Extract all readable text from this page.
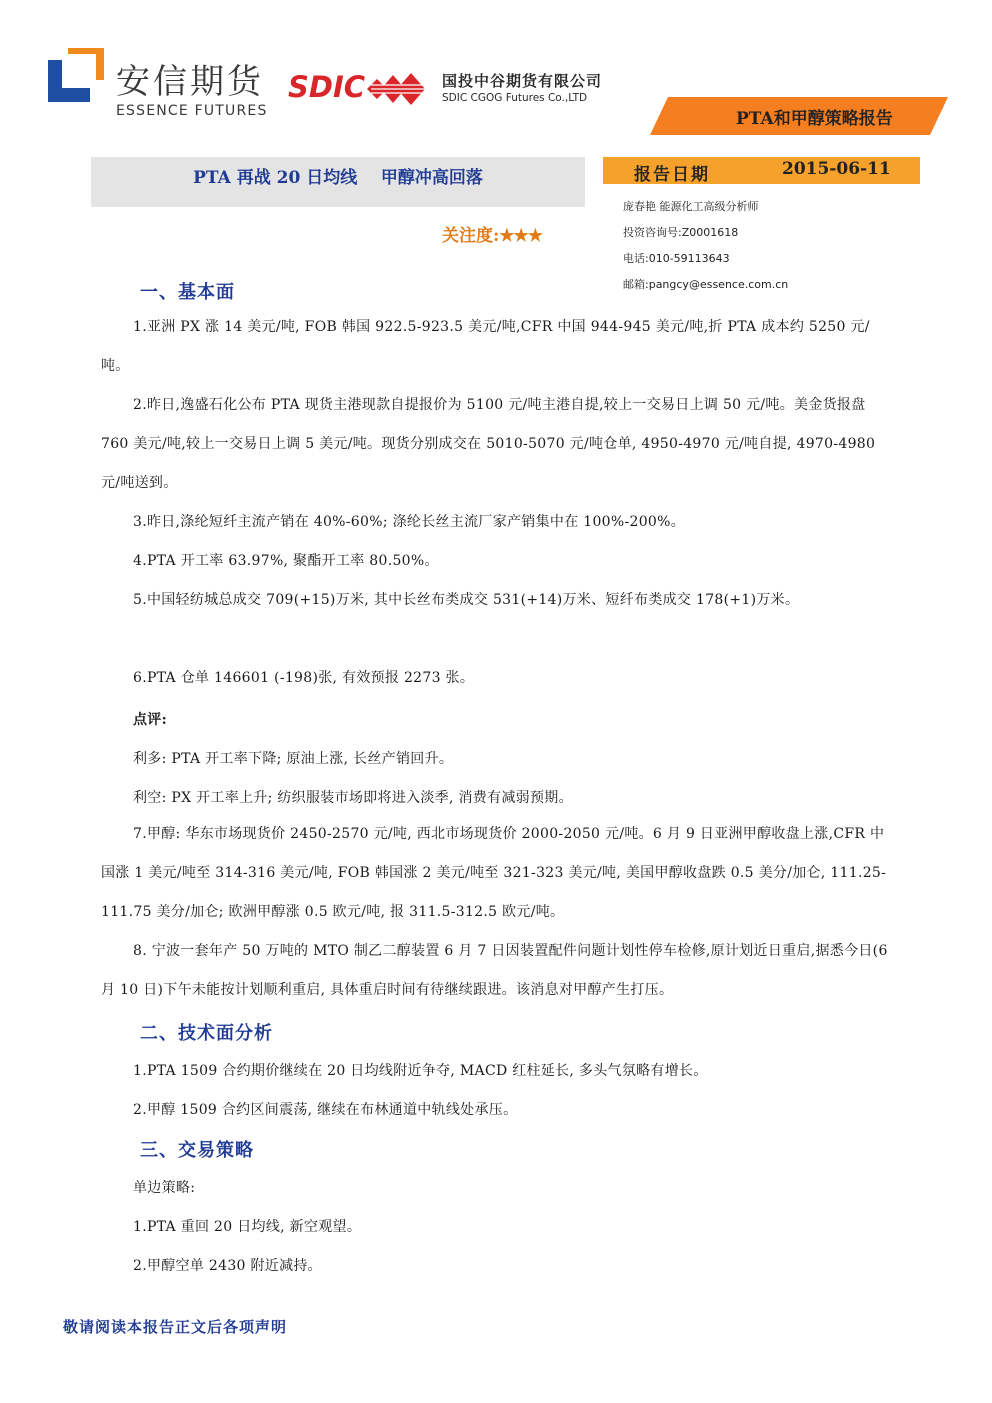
安信期货
ESSENCE FUTURES
SDIC	国投中谷期货有限公司
SDIC CGOG Futures Co.,LTD
PTA和甲醇策略报告
PTA 再战 20 日均线    甲醇冲高回落	报告日期	2015-06-11
关注度:★★★
庞春艳 能源化工高级分析师
投资咨询号:Z0001618
电话:010-59113643
邮箱:pangcy@essence.com.cn
一、基本面
1.亚洲 PX 涨 14 美元/吨, FOB 韩国 922.5-923.5 美元/吨,CFR 中国 944-945 美元/吨,折 PTA 成本约 5250 元/吨。
2.昨日,逸盛石化公布 PTA 现货主港现款自提报价为 5100 元/吨主港自提,较上一交易日上调 50 元/吨。美金货报盘 760 美元/吨,较上一交易日上调 5 美元/吨。现货分别成交在 5010-5070 元/吨仓单, 4950-4970 元/吨自提, 4970-4980 元/吨送到。
3.昨日,涤纶短纤主流产销在 40%-60%; 涤纶长丝主流厂家产销集中在 100%-200%。
4.PTA 开工率 63.97%, 聚酯开工率 80.50%。
5.中国轻纺城总成交 709(+15)万米, 其中长丝布类成交 531(+14)万米、短纤布类成交 178(+1)万米。
6.PTA 仓单 146601 (-198)张, 有效预报 2273 张。
点评:
利多: PTA 开工率下降; 原油上涨, 长丝产销回升。
利空: PX 开工率上升; 纺织服装市场即将进入淡季, 消费有减弱预期。
7.甲醇: 华东市场现货价 2450-2570 元/吨, 西北市场现货价 2000-2050 元/吨。6 月 9 日亚洲甲醇收盘上涨,CFR 中国涨 1 美元/吨至 314-316 美元/吨, FOB 韩国涨 2 美元/吨至 321-323 美元/吨, 美国甲醇收盘跌 0.5 美分/加仑, 111.25-111.75 美分/加仑; 欧洲甲醇涨 0.5 欧元/吨, 报 311.5-312.5 欧元/吨。
8. 宁波一套年产 50 万吨的 MTO 制乙二醇装置 6 月 7 日因装置配件问题计划性停车检修,原计划近日重启,据悉今日(6 月 10 日)下午未能按计划顺利重启, 具体重启时间有待继续跟进。该消息对甲醇产生打压。
二、技术面分析
1.PTA 1509 合约期价继续在 20 日均线附近争夺, MACD 红柱延长, 多头气氛略有增长。
2.甲醇 1509 合约区间震荡, 继续在布林通道中轨线处承压。
三、交易策略
单边策略:
1.PTA 重回 20 日均线, 新空观望。
2.甲醇空单 2430 附近减持。
敬请阅读本报告正文后各项声明
